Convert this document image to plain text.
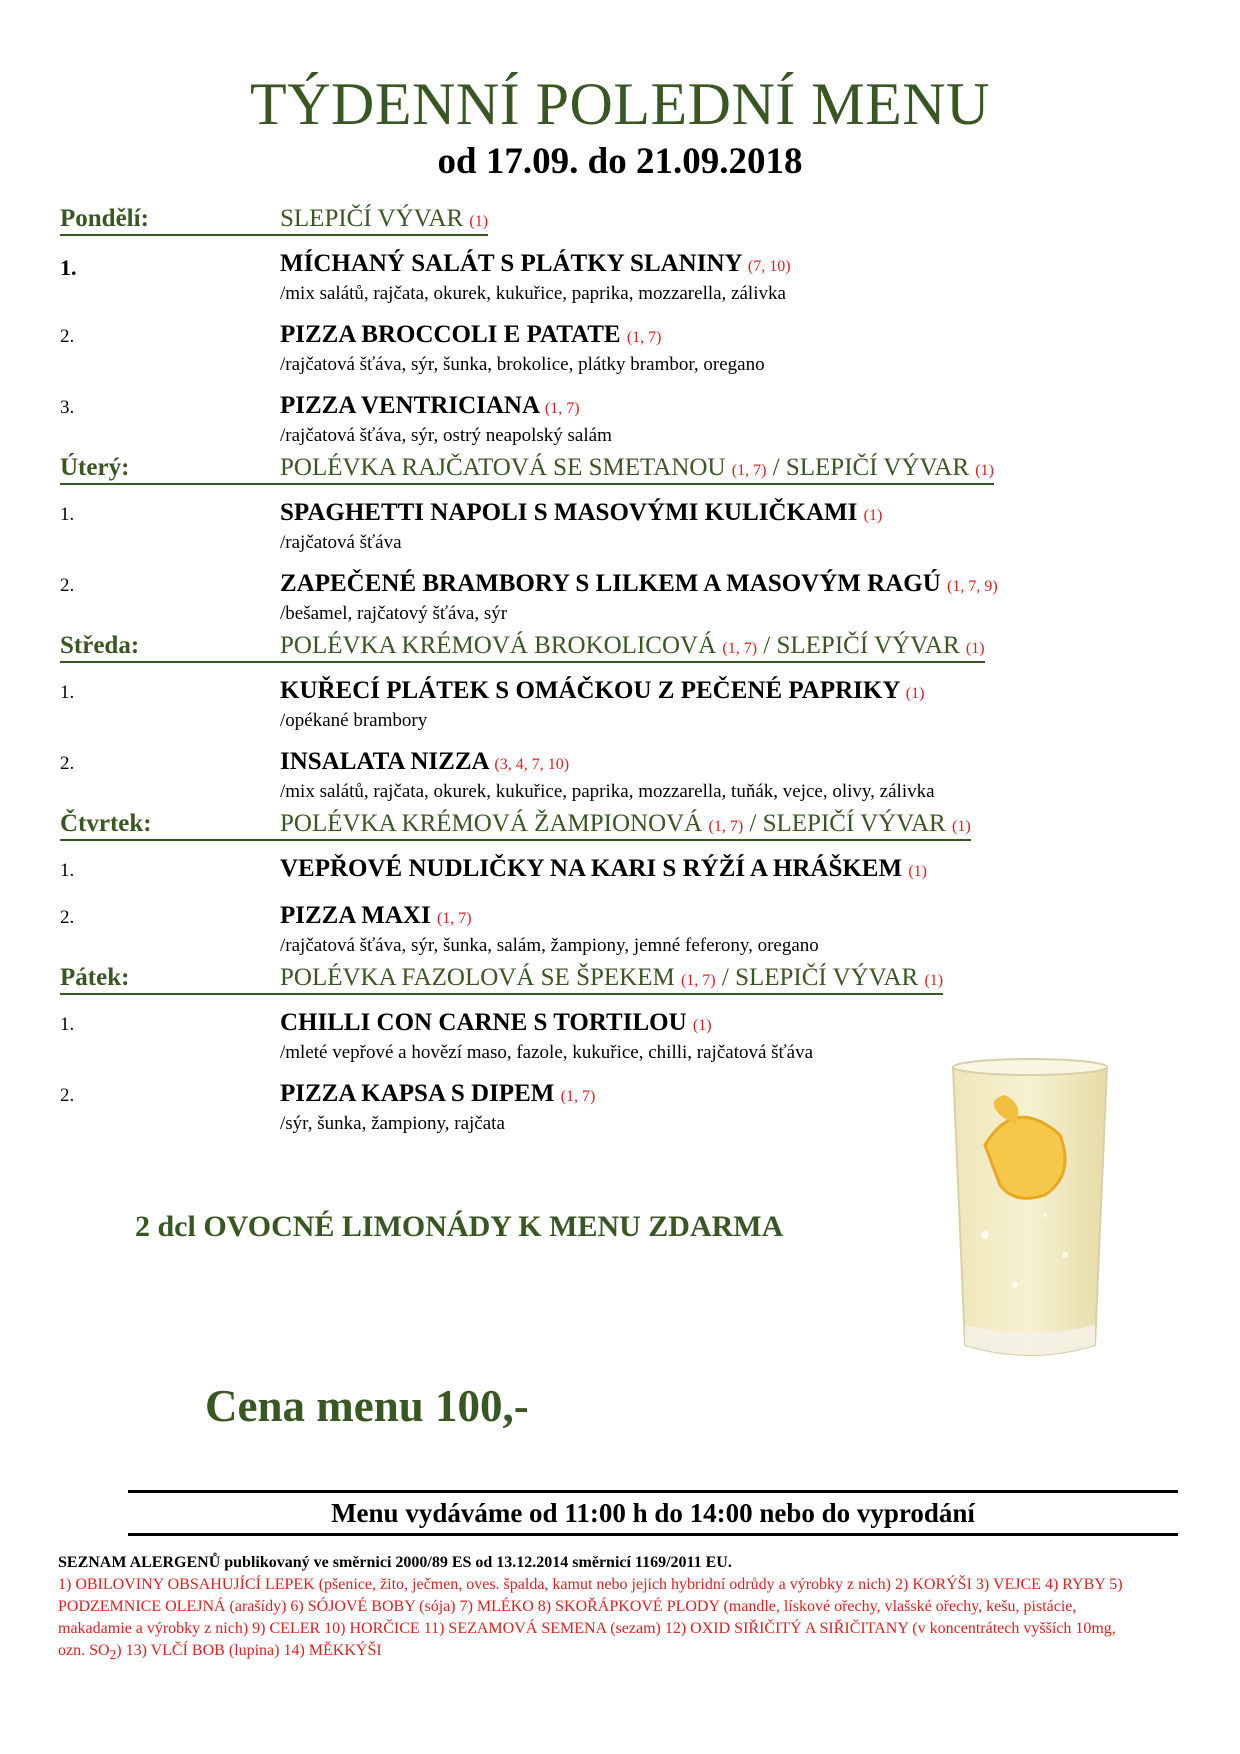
TÝDENNÍ POLEDNÍ MENU
od 17.09. do 21.09.2018
Pondělí:	SLEPIČÍ VÝVAR (1)
1.	MÍCHANÝ SALÁT S PLÁTKY SLANINY (7, 10)
/mix salátů, rajčata, okurek, kukuřice, paprika, mozzarella, zálivka
2.	PIZZA BROCCOLI E PATATE (1, 7)
/rajčatová šťáva, sýr, šunka, brokolice, plátky brambor, oregano
3.	PIZZA VENTRICIANA (1, 7)
/rajčatová šťáva, sýr, ostrý neapolský salám
Úterý:	POLÉVKA RAJČATOVÁ SE SMETANOU (1, 7) / SLEPIČÍ VÝVAR (1)
1.	SPAGHETTI NAPOLI S MASOVÝMI KULIČKAMI (1)
/rajčatová šťáva
2.	ZAPEČENÉ BRAMBORY S LILKEM A MASOVÝM RAGÚ (1, 7, 9)
/bešamel, rajčatový šťáva, sýr
Středa:	POLÉVKA KRÉMOVÁ BROKOLICOVÁ (1, 7) / SLEPIČÍ VÝVAR (1)
1.	KUŘECÍ PLÁTEK S OMÁČKOU Z PEČENÉ PAPRIKY (1)
/opékané brambory
2.	INSALATA NIZZA (3, 4, 7, 10)
/mix salátů, rajčata, okurek, kukuřice, paprika, mozzarella, tuňák, vejce, olivy, zálivka
Čtvrtek:	POLÉVKA KRÉMOVÁ ŽAMPIONOVÁ (1, 7) / SLEPIČÍ VÝVAR (1)
1.	VEPŘOVÉ NUDLIČKY NA KARI S RÝŽÍ A HRÁŠKEM (1)
2.	PIZZA MAXI (1, 7)
/rajčatová šťáva, sýr, šunka, salám, žampiony, jemné feferony, oregano
Pátek:	POLÉVKA FAZOLOVÁ SE ŠPEKEM (1, 7) / SLEPIČÍ VÝVAR (1)
1.	CHILLI CON CARNE S TORTILOU (1)
/mleté vepřové a hovězí maso, fazole, kukuřice, chilli, rajčatová šťáva
2.	PIZZA KAPSA S DIPEM (1, 7)
/sýr, šunka, žampiony, rajčata
2 dcl OVOCNÉ LIMONÁDY K MENU ZDARMA
Cena menu 100,-
Menu vydáváme od 11:00 h do 14:00 nebo do vyprodání
SEZNAM ALERGENŮ publikovaný ve směrnici 2000/89 ES od 13.12.2014 směrnicí 1169/2011 EU.
1) OBILOVINY OBSAHUJÍCÍ LEPEK (pšenice, žito, ječmen, oves. špalda, kamut nebo jejich hybridní odrůdy a výrobky z nich) 2) KORÝŠI 3) VEJCE 4) RYBY 5) PODZEMNICE OLEJNÁ (arašídy) 6) SÓJOVÉ BOBY (sója) 7) MLÉKO 8) SKOŘÁPKOVÉ PLODY (mandle, lískové ořechy, vlašské ořechy, kešu, pistácie, makadamie a výrobky z nich) 9) CELER 10) HORČICE 11) SEZAMOVÁ SEMENA (sezam) 12) OXID SIŘIČITÝ A SIŘIČITANY (v koncentrátech vyšších 10mg, ozn. $SO_2$) 13) VLČÍ BOB (lupina) 14) MĚKKÝŠI
